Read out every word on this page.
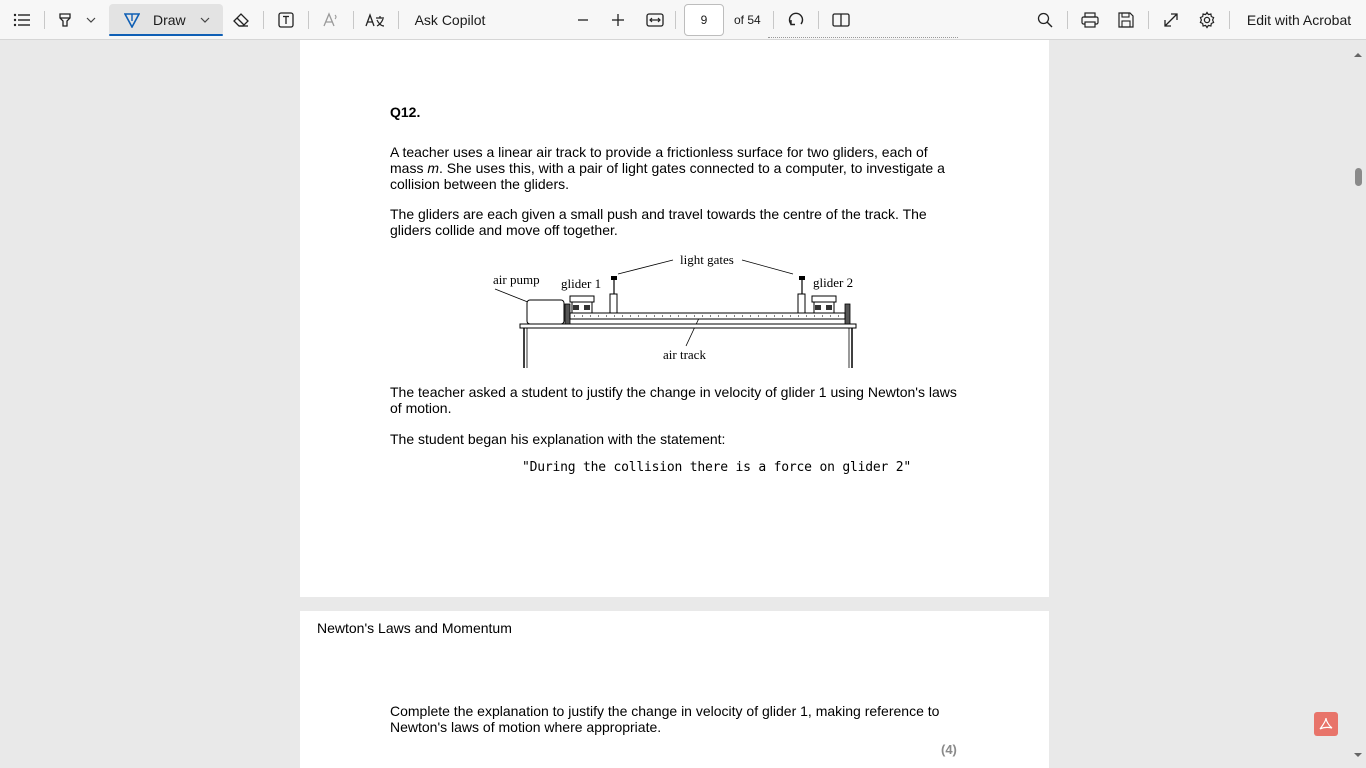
Draw	Ask Copilot
9	of 54	Edit with Acrobat
Q12.
A teacher uses a linear air track to provide a frictionless surface for two gliders, each of
mass m. She uses this, with a pair of light gates connected to a computer, to investigate a
collision between the gliders.
The gliders are each given a small push and travel towards the centre of the track. The
gliders collide and move off together.
light gates
air pump glider 1	glider 2
air track
The teacher asked a student to justify the change in velocity of glider 1 using Newton's laws
of motion.
The student began his explanation with the statement:
"During the collision there is a force on glider 2"
Newton's Laws and Momentum
Complete the explanation to justify the change in velocity of glider 1, making reference to
Newton's laws of motion where appropriate.
(4)
